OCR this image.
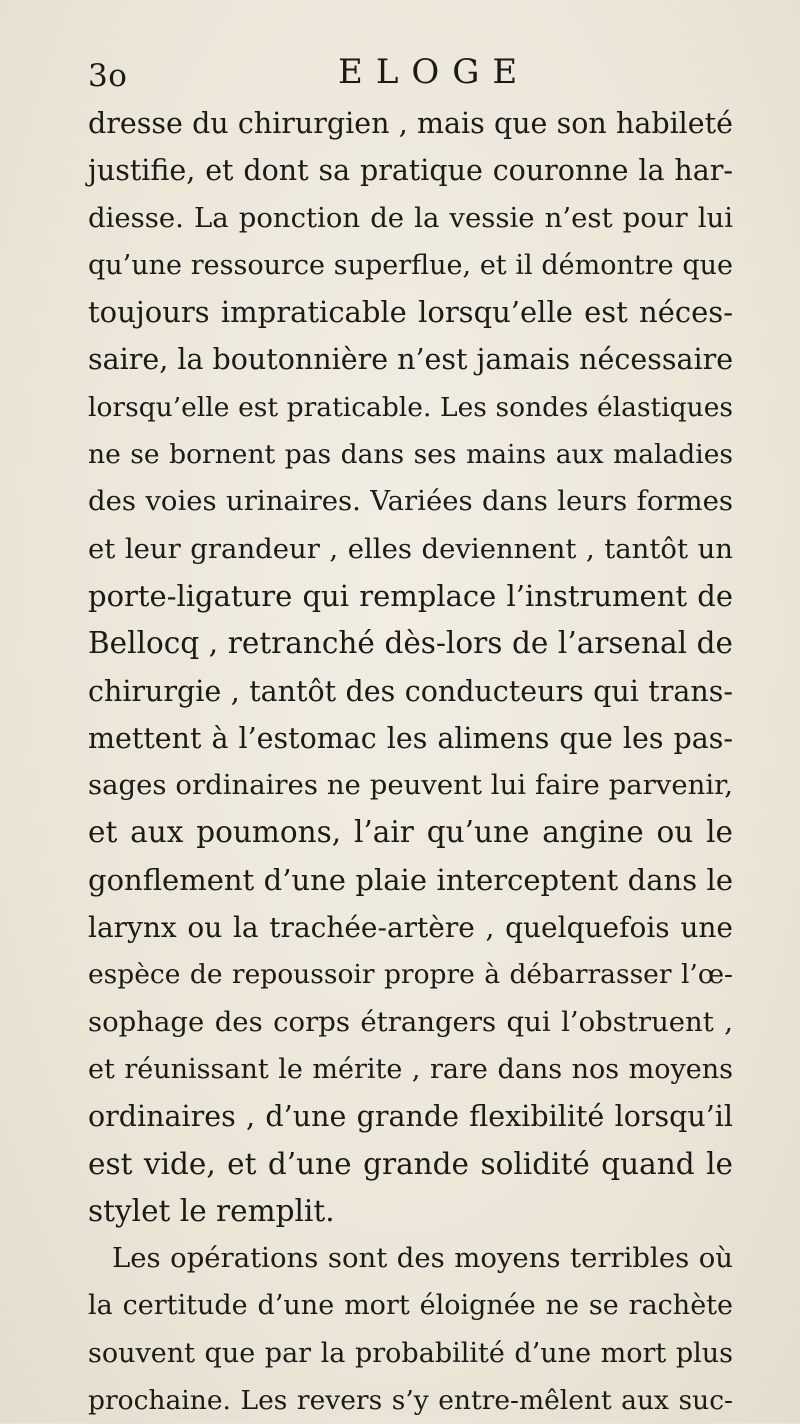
3o	ELOGE
dresse du chirurgien , mais que son habileté
justifie, et dont sa pratique couronne la har-
diesse. La ponction de la vessie n’est pour lui
qu’une ressource superflue, et il démontre que
toujours impraticable lorsqu’elle est néces-
saire, la boutonnière n’est jamais nécessaire
lorsqu’elle est praticable. Les sondes élastiques
ne se bornent pas dans ses mains aux maladies
des voies urinaires. Variées dans leurs formes
et leur grandeur , elles deviennent , tantôt un
porte-ligature qui remplace l’instrument de
Bellocq , retranché dès-lors de l’arsenal de
chirurgie , tantôt des conducteurs qui trans-
mettent à l’estomac les alimens que les pas-
sages ordinaires ne peuvent lui faire parvenir,
et aux poumons, l’air qu’une angine ou le
gonflement d’une plaie interceptent dans le
larynx ou la trachée-artère , quelquefois une
espèce de repoussoir propre à débarrasser l’œ-
sophage des corps étrangers qui l’obstruent ,
et réunissant le mérite , rare dans nos moyens
ordinaires , d’une grande flexibilité lorsqu’il
est vide, et d’une grande solidité quand le
stylet le remplit.
Les opérations sont des moyens terribles où
la certitude d’une mort éloignée ne se rachète
souvent que par la probabilité d’une mort plus
prochaine. Les revers s’y entre-mêlent aux suc-
